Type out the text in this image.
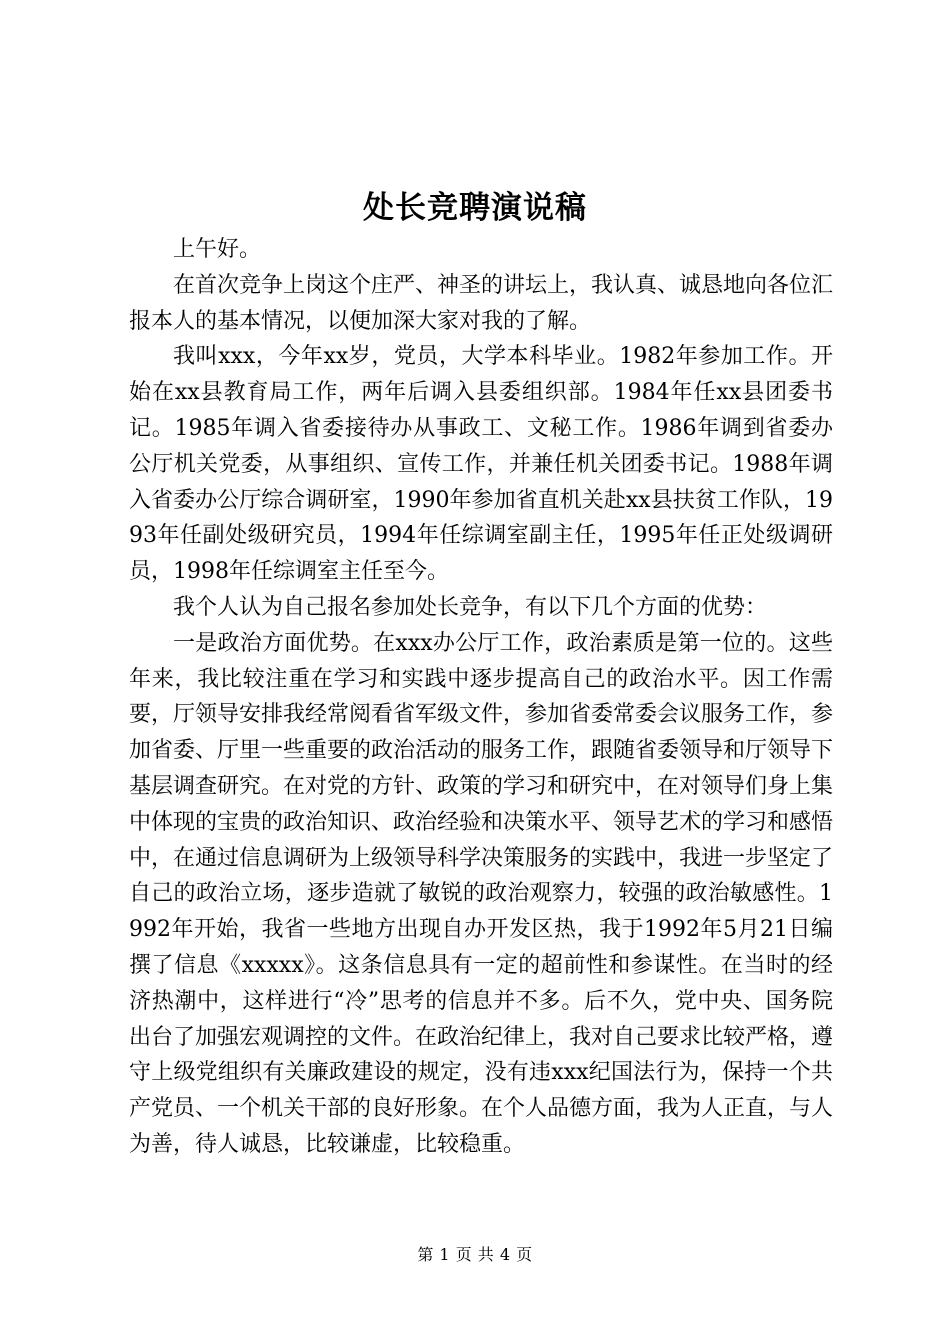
处长竞聘演说稿

上午好。

在首次竞争上岗这个庄严、神圣的讲坛上，我认真、诚恳地向各位汇报本人的基本情况，以便加深大家对我的了解。

我叫xxx，今年xx岁，党员，大学本科毕业。1982年参加工作。开始在xx县教育局工作，两年后调入县委组织部。1984年任xx县团委书记。1985年调入省委接待办从事政工、文秘工作。1986年调到省委办公厅机关党委，从事组织、宣传工作，并兼任机关团委书记。1988年调入省委办公厅综合调研室，1990年参加省直机关赴xx县扶贫工作队，1993年任副处级研究员，1994年任综调室副主任，1995年任正处级调研员，1998年任综调室主任至今。

我个人认为自己报名参加处长竞争，有以下几个方面的优势：

一是政治方面优势。在xxx办公厅工作，政治素质是第一位的。这些年来，我比较注重在学习和实践中逐步提高自己的政治水平。因工作需要，厅领导安排我经常阅看省军级文件，参加省委常委会议服务工作，参加省委、厅里一些重要的政治活动的服务工作，跟随省委领导和厅领导下基层调查研究。在对党的方针、政策的学习和研究中，在对领导们身上集中体现的宝贵的政治知识、政治经验和决策水平、领导艺术的学习和感悟中，在通过信息调研为上级领导科学决策服务的实践中，我进一步坚定了自己的政治立场，逐步造就了敏锐的政治观察力，较强的政治敏感性。1992年开始，我省一些地方出现自办开发区热，我于1992年5月21日编撰了信息《xxxxx》。这条信息具有一定的超前性和参谋性。在当时的经济热潮中，这样进行“冷”思考的信息并不多。后不久，党中央、国务院出台了加强宏观调控的文件。在政治纪律上，我对自己要求比较严格，遵守上级党组织有关廉政建设的规定，没有违xxx纪国法行为，保持一个共产党员、一个机关干部的良好形象。在个人品德方面，我为人正直，与人为善，待人诚恳，比较谦虚，比较稳重。

第 1 页 共 4 页
